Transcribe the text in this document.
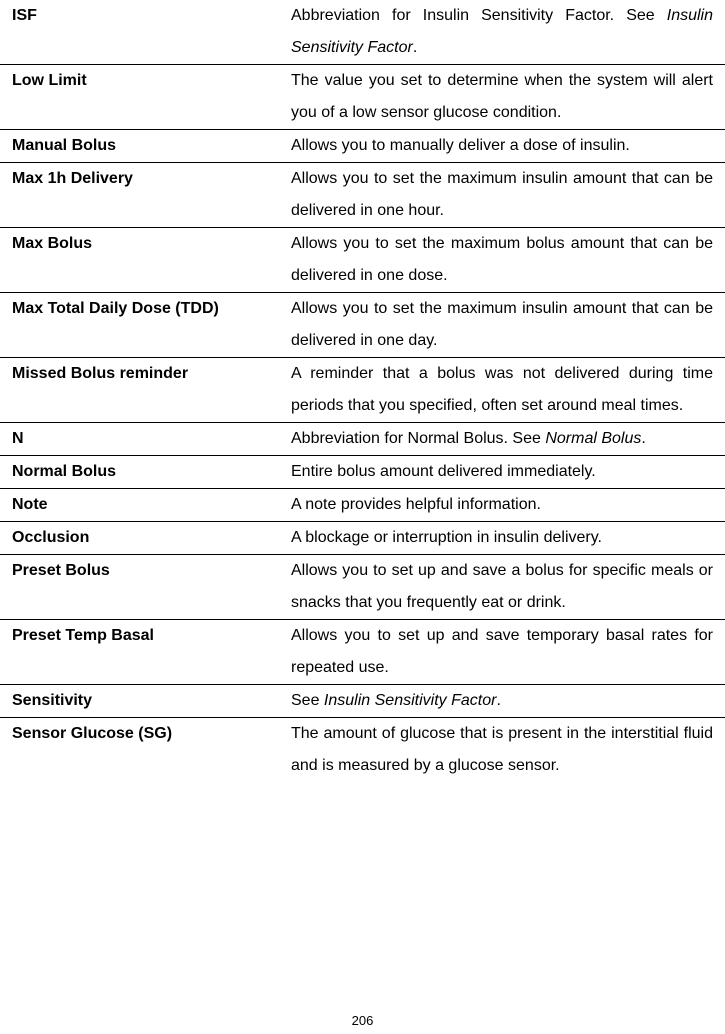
ISF	Abbreviation for Insulin Sensitivity Factor. See Insulin Sensitivity Factor.
Low Limit	The value you set to determine when the system will alert you of a low sensor glucose condition.
Manual Bolus	Allows you to manually deliver a dose of insulin.
Max 1h Delivery	Allows you to set the maximum insulin amount that can be delivered in one hour.
Max Bolus	Allows you to set the maximum bolus amount that can be delivered in one dose.
Max Total Daily Dose (TDD)	Allows you to set the maximum insulin amount that can be delivered in one day.
Missed Bolus reminder	A reminder that a bolus was not delivered during time periods that you specified, often set around meal times.
N	Abbreviation for Normal Bolus. See Normal Bolus.
Normal Bolus	Entire bolus amount delivered immediately.
Note	A note provides helpful information.
Occlusion	A blockage or interruption in insulin delivery.
Preset Bolus	Allows you to set up and save a bolus for specific meals or snacks that you frequently eat or drink.
Preset Temp Basal	Allows you to set up and save temporary basal rates for repeated use.
Sensitivity	See Insulin Sensitivity Factor.
Sensor Glucose (SG)	The amount of glucose that is present in the interstitial fluid and is measured by a glucose sensor.
206
